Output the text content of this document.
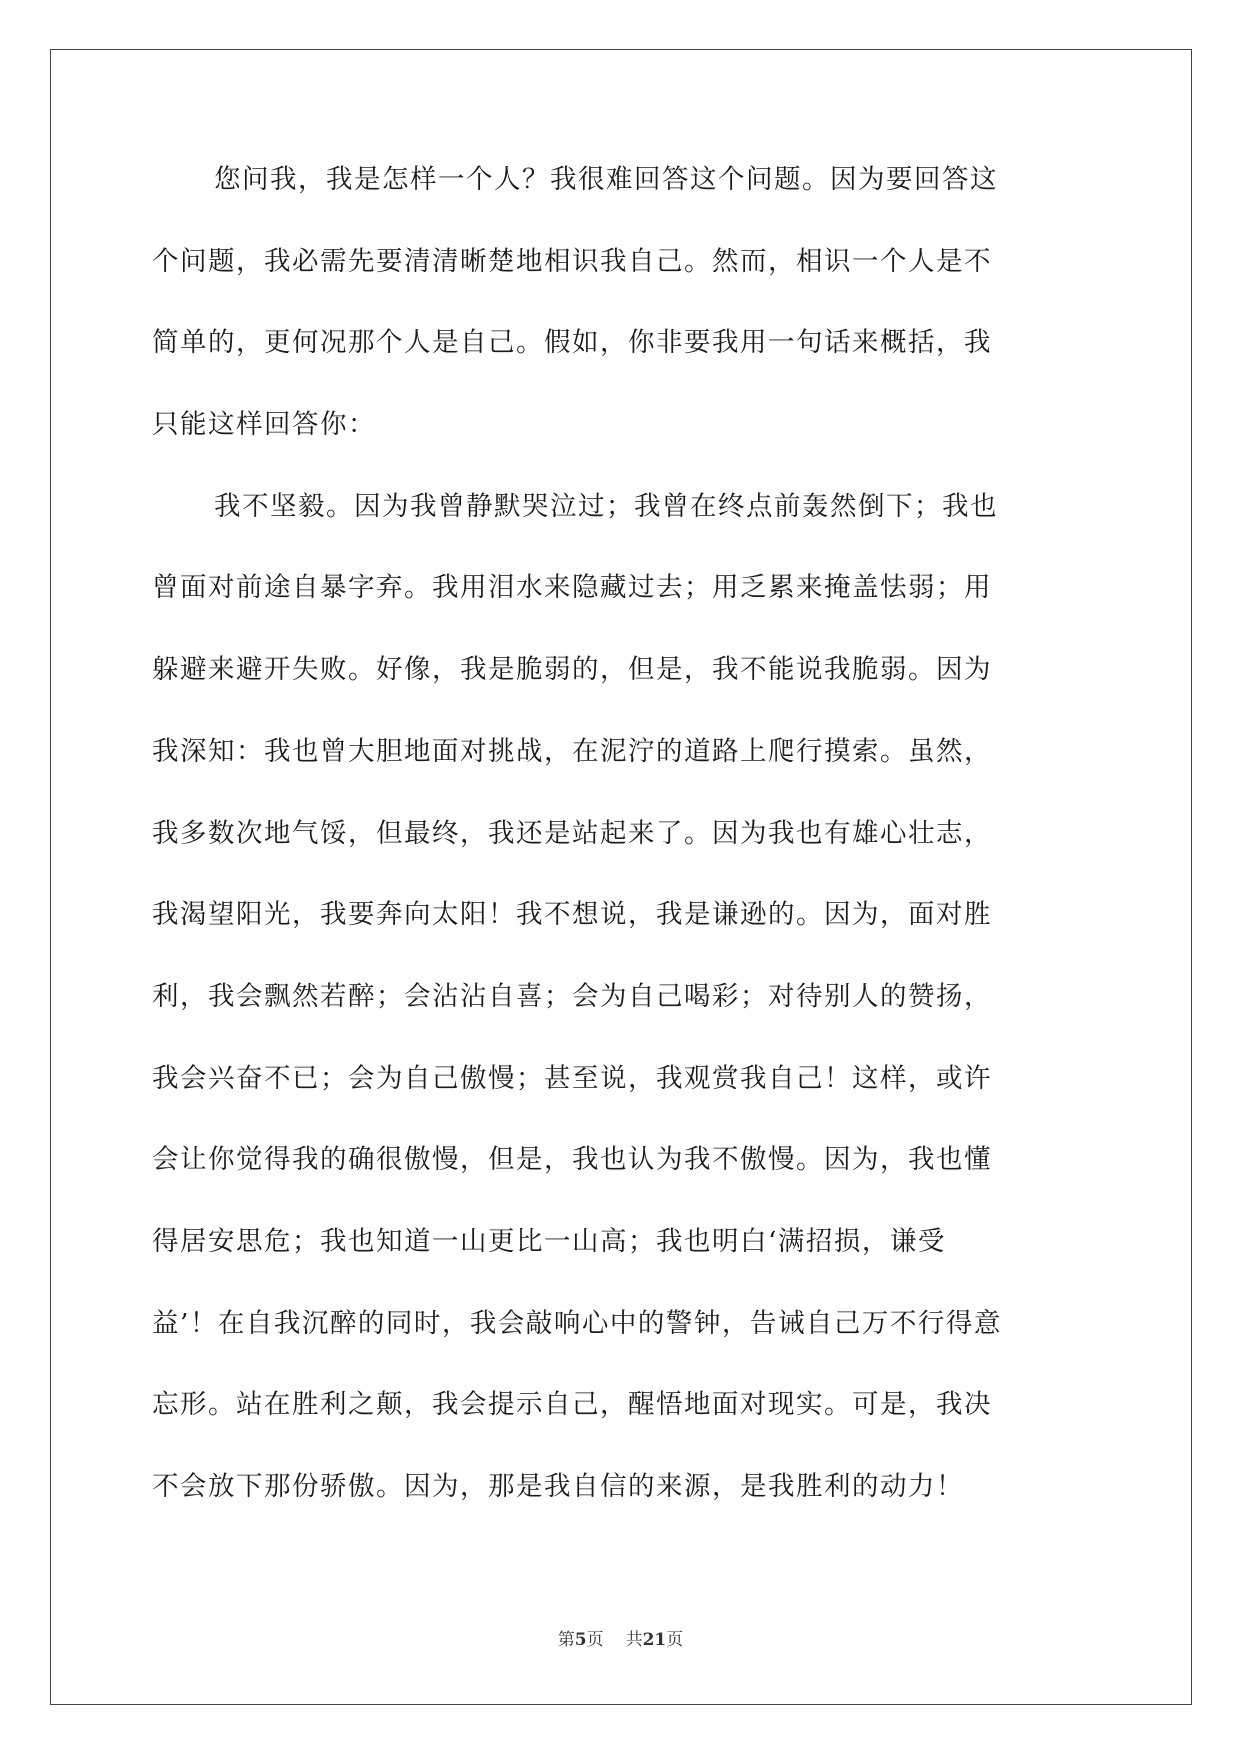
您问我，我是怎样一个人？我很难回答这个问题。因为要回答这
个问题，我必需先要清清晰楚地相识我自己。然而，相识一个人是不
简单的，更何况那个人是自己。假如，你非要我用一句话来概括，我
只能这样回答你：
我不坚毅。因为我曾静默哭泣过；我曾在终点前轰然倒下；我也
曾面对前途自暴字弃。我用泪水来隐藏过去；用乏累来掩盖怯弱；用
躲避来避开失败。好像，我是脆弱的，但是，我不能说我脆弱。因为
我深知：我也曾大胆地面对挑战，在泥泞的道路上爬行摸索。虽然，
我多数次地气馁，但最终，我还是站起来了。因为我也有雄心壮志，
我渴望阳光，我要奔向太阳！我不想说，我是谦逊的。因为，面对胜
利，我会飘然若醉；会沾沾自喜；会为自己喝彩；对待别人的赞扬，
我会兴奋不已；会为自己傲慢；甚至说，我观赏我自己！这样，或许
会让你觉得我的确很傲慢，但是，我也认为我不傲慢。因为，我也懂
得居安思危；我也知道一山更比一山高；我也明白‘满招损，谦受
益’！在自我沉醉的同时，我会敲响心中的警钟，告诫自己万不行得意
忘形。站在胜利之颠，我会提示自己，醒悟地面对现实。可是，我决
不会放下那份骄傲。因为，那是我自信的来源，是我胜利的动力！
第5页 共21页
